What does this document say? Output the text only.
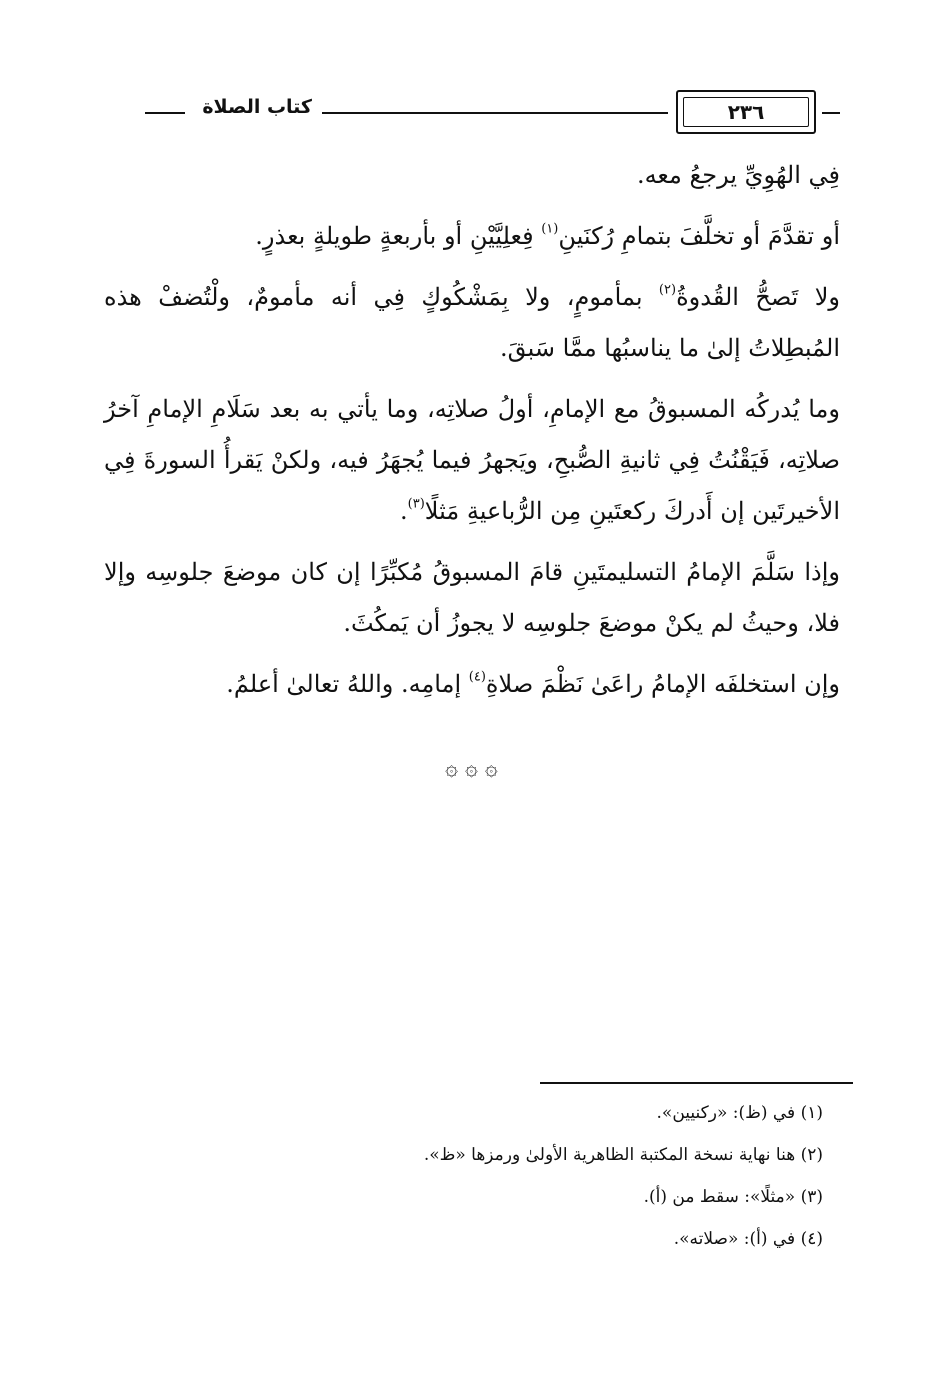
٢٣٦
كتاب الصلاة

فِي الهُوِيِّ يرجعُ معه.

أو تقدَّمَ أو تخلَّفَ بتمامِ رُكنَينِ$^{(١)}$ فِعلِيَّيْنِ أو بأربعةٍ طويلةٍ بعذرٍ.

ولا تَصحُّ القُدوةُ$^{(٢)}$ بمأمومٍ، ولا بِمَشْكُوكٍ فِي أنه مأمومٌ، ولْتُضفْ هذه المُبطِلاتُ إلىٰ ما يناسبُها ممَّا سَبقَ.

وما يُدركُه المسبوقُ مع الإمامِ، أولُ صلاتِه، وما يأتي به بعد سَلَامِ الإمامِ آخرُ صلاتِه، فَيَقْنُتُ فِي ثانيةِ الصُّبحِ، ويَجهرُ فيما يُجهَرُ فيه، ولكنْ يَقرأُ السورةَ فِي الأخيرتَين إن أَدركَ ركعتَينِ مِن الرُّباعيةِ مَثلًا$^{(٣)}$.

وإذا سَلَّمَ الإمامُ التسليمتَينِ قامَ المسبوقُ مُكبِّرًا إن كان موضعَ جلوسِه وإلا فلا، وحيثُ لم يكنْ موضعَ جلوسِه لا يجوزُ أن يَمكُثَ.

وإن استخلفَه الإمامُ راعَىٰ نَظْمَ صلاةِ$^{(٤)}$ إمامِه. واللهُ تعالىٰ أعلمُ.

۞ ۞ ۞

(١) في (ظ): «ركنيين».

(٢) هنا نهاية نسخة المكتبة الظاهرية الأولىٰ ورمزها «ظ».

(٣) «مثلًا»: سقط من (أ).

(٤) في (أ): «صلاته».
